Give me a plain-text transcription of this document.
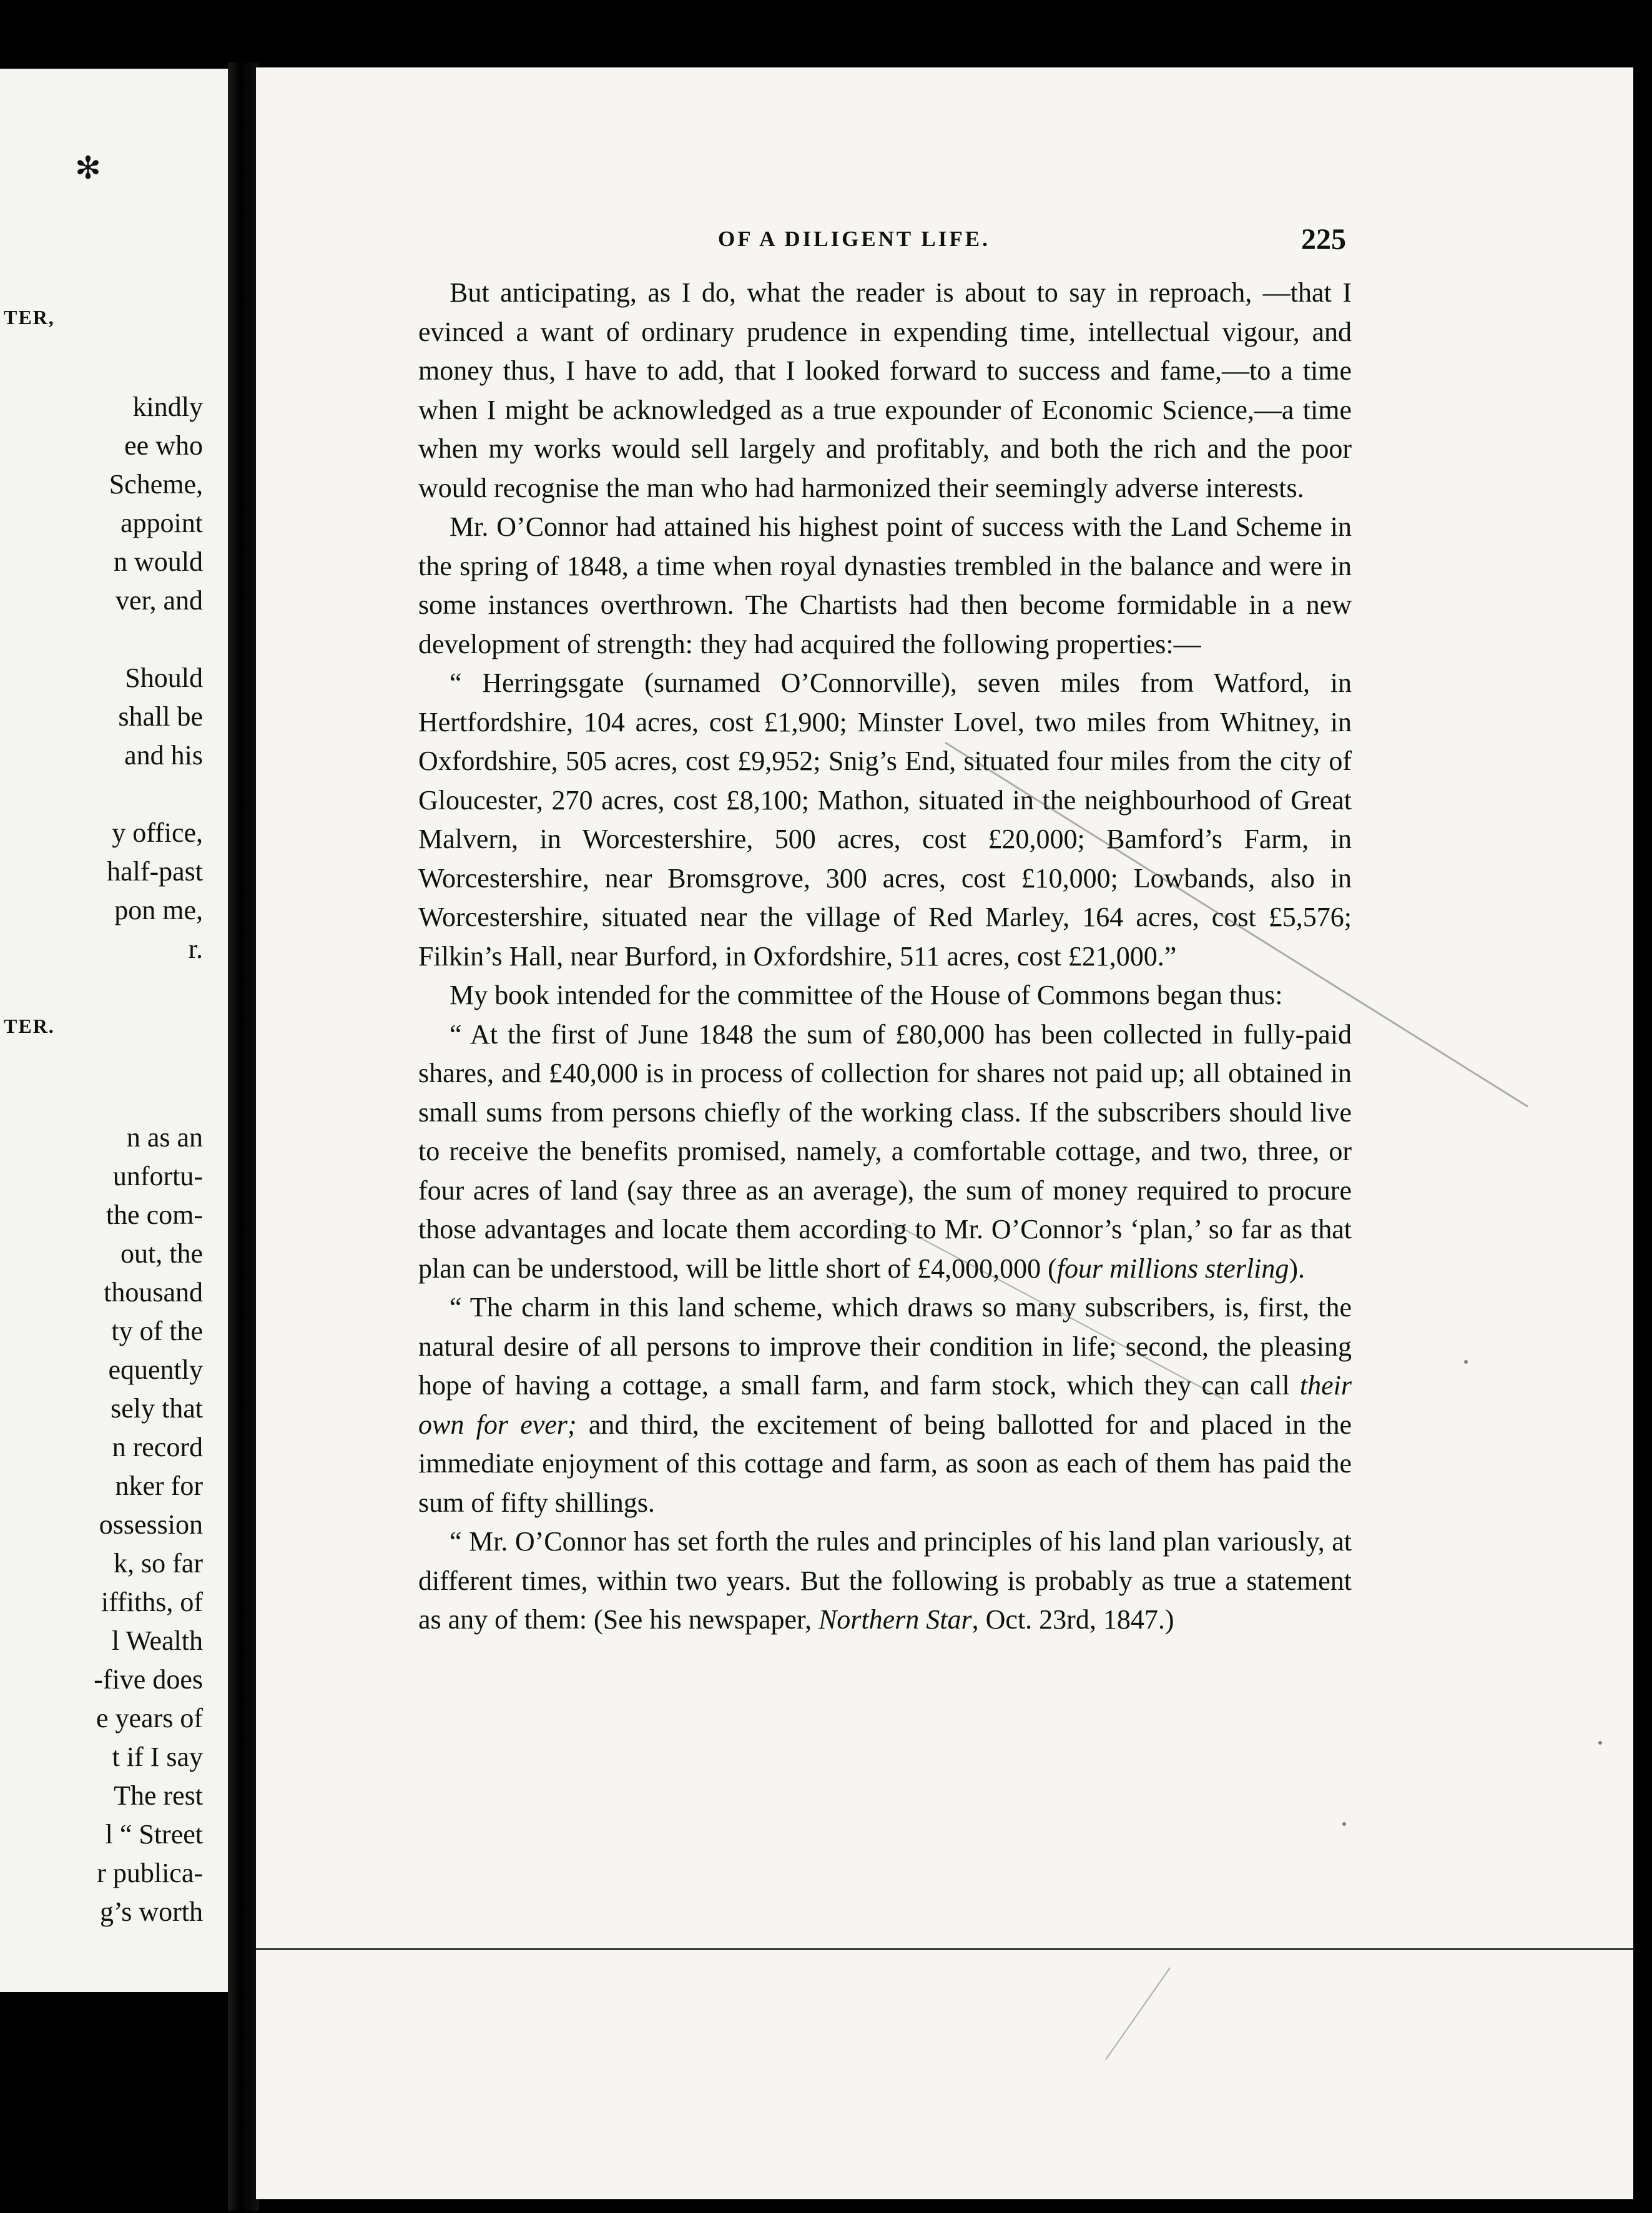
✻
TER,
TER.
kindly
ee who
Scheme,
appoint
n would
ver, and
Should
shall be
and his
y office,
half-past
pon me,
r.
n as an
unfortu-
the com-
out, the
thousand
ty of the
equently
sely that
n record
nker for
ossession
k, so far
iffiths, of
l Wealth
-five does
e years of
t if I say
The rest
l “ Street
r publica-
g’s worth
OF A DILIGENT LIFE.	225

But anticipating, as I do, what the reader is about to say in reproach, —that I evinced a want of ordinary prudence in expending time, intellectual vigour, and money thus, I have to add, that I looked forward to success and fame,—to a time when I might be acknowledged as a true expounder of Economic Science,—a time when my works would sell largely and profitably, and both the rich and the poor would recognise the man who had harmonized their seemingly adverse interests.

Mr. O’Connor had attained his highest point of success with the Land Scheme in the spring of 1848, a time when royal dynasties trembled in the balance and were in some instances overthrown. The Chartists had then become formidable in a new development of strength: they had acquired the following properties:—

“ Herringsgate (surnamed O’Connorville), seven miles from Watford, in Hertfordshire, 104 acres, cost £1,900; Minster Lovel, two miles from Whitney, in Oxfordshire, 505 acres, cost £9,952; Snig’s End, situated four miles from the city of Gloucester, 270 acres, cost £8,100; Mathon, situated in the neighbourhood of Great Malvern, in Worcestershire, 500 acres, cost £20,000; Bamford’s Farm, in Worcestershire, near Bromsgrove, 300 acres, cost £10,000; Lowbands, also in Worcestershire, situated near the village of Red Marley, 164 acres, cost £5,576; Filkin’s Hall, near Burford, in Oxfordshire, 511 acres, cost £21,000.”

My book intended for the committee of the House of Commons began thus:

“ At the first of June 1848 the sum of £80,000 has been collected in fully-paid shares, and £40,000 is in process of collection for shares not paid up; all obtained in small sums from persons chiefly of the working class. If the subscribers should live to receive the benefits promised, namely, a comfortable cottage, and two, three, or four acres of land (say three as an average), the sum of money required to procure those advantages and locate them according to Mr. O’Connor’s ‘plan,’ so far as that plan can be understood, will be little short of £4,000,000 (four millions sterling).

“ The charm in this land scheme, which draws so many subscribers, is, first, the natural desire of all persons to improve their condition in life; second, the pleasing hope of having a cottage, a small farm, and farm stock, which they can call their own for ever; and third, the excitement of being ballotted for and placed in the immediate enjoyment of this cottage and farm, as soon as each of them has paid the sum of fifty shillings.

“ Mr. O’Connor has set forth the rules and principles of his land plan variously, at different times, within two years. But the following is probably as true a statement as any of them: (See his newspaper, Northern Star, Oct. 23rd, 1847.)
